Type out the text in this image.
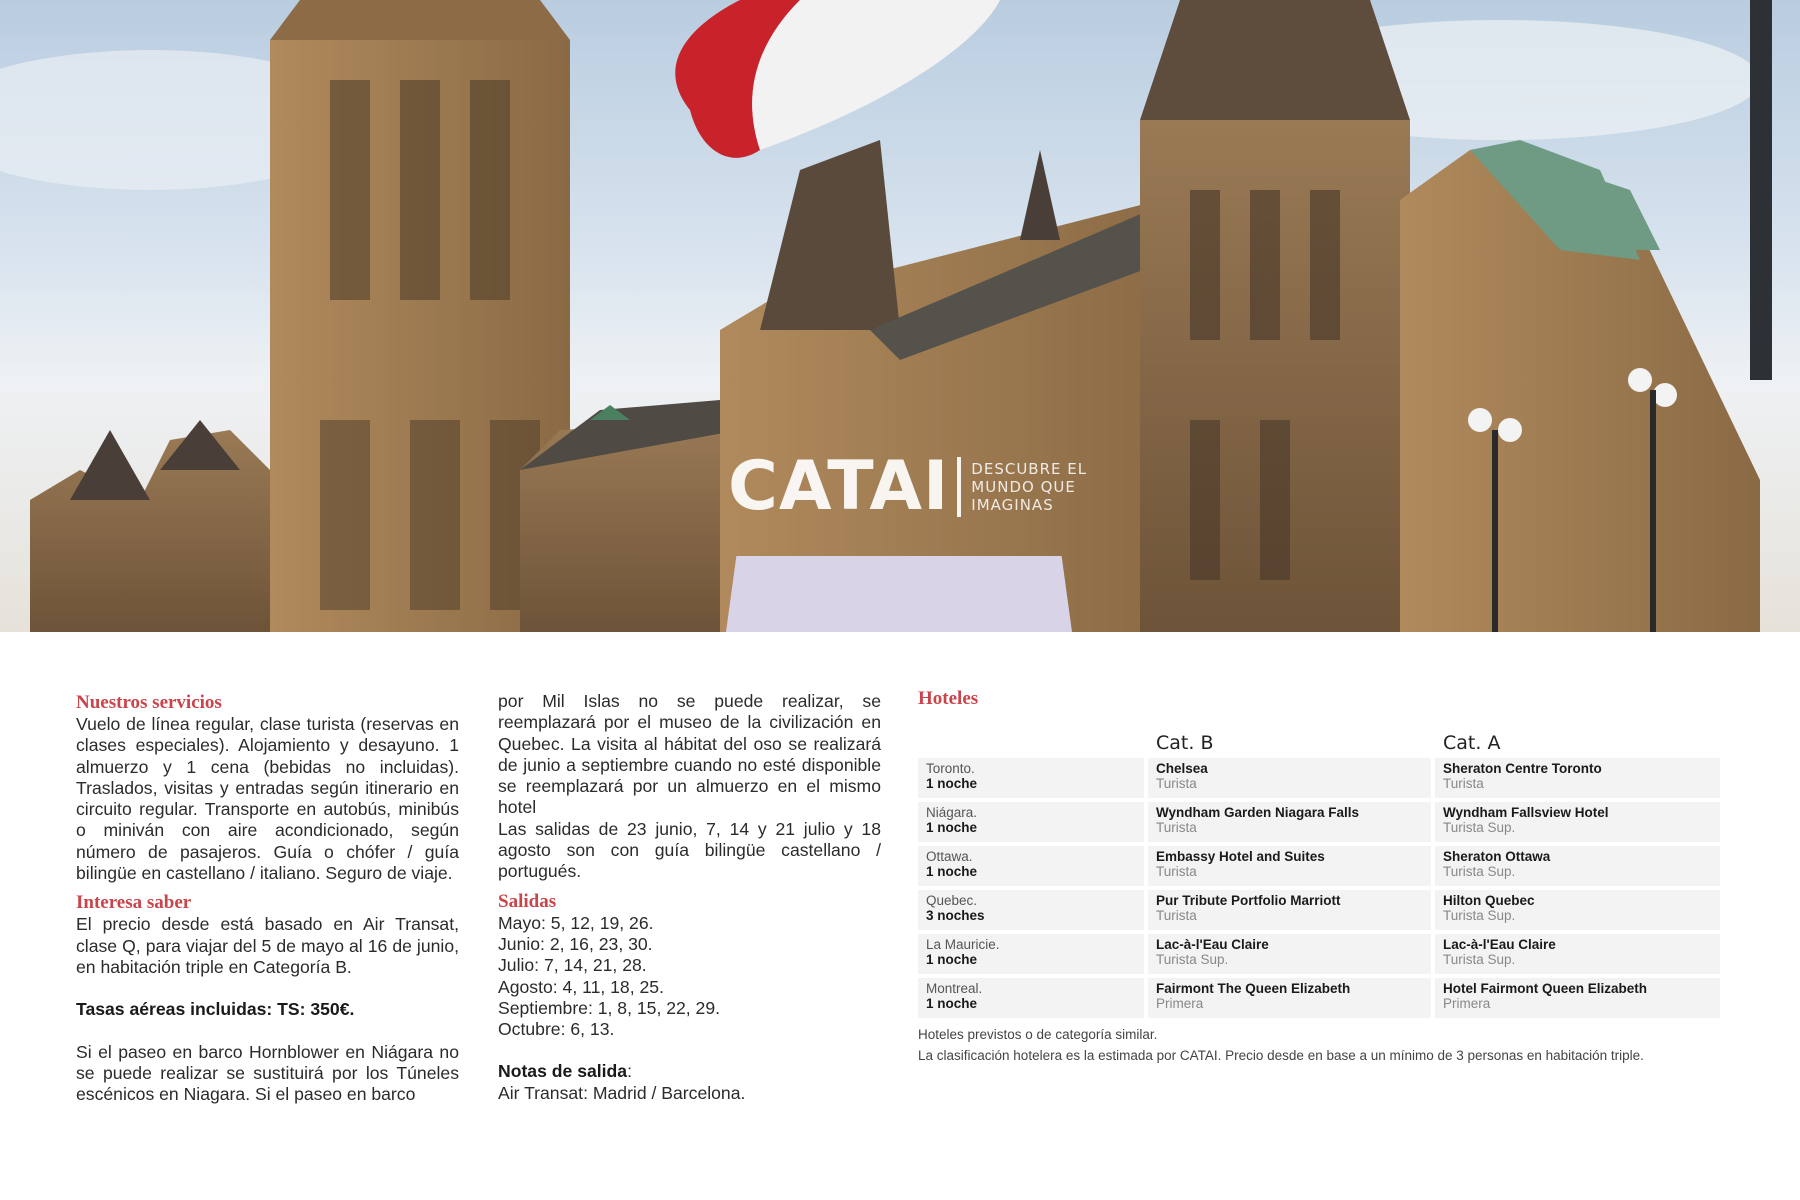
CATAI DESCUBRE EL MUNDO QUE IMAGINAS

Nuestros servicios

Vuelo de línea regular, clase turista (reservas en clases especiales). Alojamiento y desayuno. 1 almuerzo y 1 cena (bebidas no incluidas). Traslados, visitas y entradas según itinerario en circuito regular. Transporte en autobús, minibús o miniván con aire acondicionado, según número de pasajeros. Guía o chófer / guía bilingüe en castellano / italiano. Seguro de viaje.

Interesa saber

El precio desde está basado en Air Transat, clase Q, para viajar del 5 de mayo al 16 de junio, en habitación triple en Categoría B.

Tasas aéreas incluidas: TS: 350€.

Si el paseo en barco Hornblower en Niágara no se puede realizar se sustituirá por los Túneles escénicos en Niagara. Si el paseo en barco

por Mil Islas no se puede realizar, se reemplazará por el museo de la civilización en Quebec. La visita al hábitat del oso se realizará de junio a septiembre cuando no esté disponible se reemplazará por un almuerzo en el mismo hotel

Las salidas de 23 junio, 7, 14 y 21 julio y 18 agosto son con guía bilingüe castellano / portugués.

Salidas

Mayo: 5, 12, 19, 26.

Junio: 2, 16, 23, 30.

Julio: 7, 14, 21, 28.

Agosto: 4, 11, 18, 25.

Septiembre: 1, 8, 15, 22, 29.

Octubre: 6, 13.

Notas de salida:

Air Transat: Madrid / Barcelona.

Hoteles

Cat. B	Cat. A
Toronto.
1 noche
Chelsea
Turista
Sheraton Centre Toronto
Turista
Niágara.
1 noche
Wyndham Garden Niagara Falls
Turista
Wyndham Fallsview Hotel
Turista Sup.
Ottawa.
1 noche
Embassy Hotel and Suites
Turista
Sheraton Ottawa
Turista Sup.
Quebec.
3 noches
Pur Tribute Portfolio Marriott
Turista
Hilton Quebec
Turista Sup.
La Mauricie.
1 noche
Lac-à-l'Eau Claire
Turista Sup.
Lac-à-l'Eau Claire
Turista Sup.
Montreal.
1 noche
Fairmont The Queen Elizabeth
Primera
Hotel Fairmont Queen Elizabeth
Primera
Hoteles previstos o de categoría similar.
La clasificación hotelera es la estimada por CATAI. Precio desde en base a un mínimo de 3 personas en habitación triple.
